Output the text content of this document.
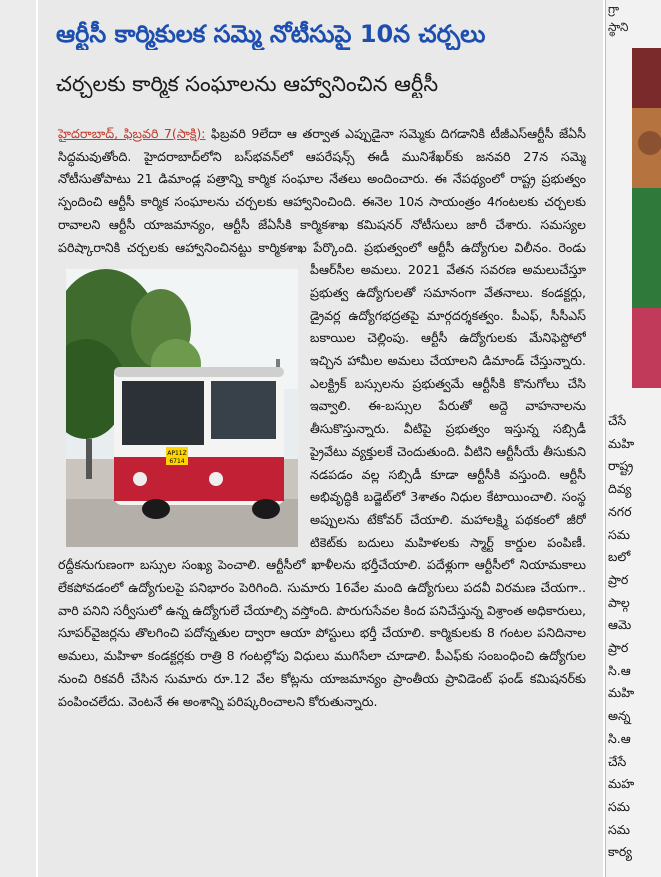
ఆర్టీసీ కార్మికులక సమ్మె నోటీసుపై 10న చర్చలు
చర్చలకు కార్మిక సంఘాలను ఆహ్వానించిన ఆర్టీసీ

హైదరాబాద్, ఫిబ్రవరి 7(సాక్షి): ఫిబ్రవరి 9లేదా ఆ తర్వాత ఎప్పుడైనా సమ్మెకు దిగడానికి టీజీఎస్ఆర్టీసీ జేఏసీ సిద్ధమవుతోంది. హైదరాబాద్‌లోని బస్‌భవన్‌లో ఆపరేషన్స్ ఈడీ మునిశేఖర్‌కు జనవరి 27న సమ్మె నోటీసుతోపాటు 21 డిమాండ్ల పత్రాన్ని కార్మిక సంఘాల నేతలు అందించారు. ఈ నేపథ్యంలో రాష్ట్ర ప్రభుత్వం స్పందించి ఆర్టీసీ కార్మిక సంఘాలను చర్చలకు ఆహ్వానించింది. ఈనెల 10న సాయంత్రం 4గంటలకు చర్చలకు రావాలని ఆర్టీసీ యాజమాన్యం, ఆర్టీసీ జేఏసీకి కార్మికశాఖ కమిషనర్ నోటీసులు జారీ చేశారు. సమస్యల పరిష్కారానికి చర్చలకు ఆహ్వానించినట్టు కార్మికశాఖ పేర్కొంది.
AP11Z
6714
ప్రభుత్వంలో ఆర్టీసీ ఉద్యోగుల విలీనం. రెండు పీఆర్‌సీల అమలు. 2021 వేతన సవరణ అమలుచేస్తూ ప్రభుత్వ ఉద్యోగులతో సమానంగా వేతనాలు. కండక్టర్లు, డ్రైవర్ల ఉద్యోగభద్రతపై మార్గదర్శకత్వం. పీఎఫ్, సీసీఎస్ బకాయిల చెల్లింపు. ఆర్టీసీ ఉద్యోగులకు మేనిఫెస్టోలో ఇచ్చిన హామీల అమలు చేయాలని డిమాండ్ చేస్తున్నారు. ఎలక్ట్రిక్ బస్సులను ప్రభుత్వమే ఆర్టీసీకి కొనుగోలు చేసి ఇవ్వాలి. ఈ-బస్సుల పేరుతో అద్దె వాహనాలను తీసుకొస్తున్నారు. వీటిపై ప్రభుత్వం ఇస్తున్న సబ్సిడీ ప్రైవేటు వ్యక్తులకే చెందుతుంది. వీటిని ఆర్టీసీయే తీసుకుని నడపడం వల్ల సబ్సిడీ కూడా ఆర్టీసీకి వస్తుంది. ఆర్టీసీ అభివృద్ధికి బడ్జెట్‌లో 3శాతం నిధుల కేటాయించాలి. సంస్థ అప్పులను టేకోవర్ చేయాలి. మహాలక్ష్మి పథకంలో జీరో టికెట్‌కు బదులు మహిళలకు స్మార్ట్ కార్డుల పంపిణీ. రద్దీకనుగుణంగా బస్సుల సంఖ్య పెంచాలి. ఆర్టీసీలో ఖాళీలను భర్తీచేయాలి. పదేళ్లుగా ఆర్టీసీలో నియామకాలు లేకపోవడంలో ఉద్యోగులపై పనిభారం పెరిగింది. సుమారు 16వేల మంది ఉద్యోగులు పదవీ విరమణ చేయగా.. వారి పనిని సర్వీసులో ఉన్న ఉద్యోగులే చేయాల్సి వస్తోంది. పొరుగుసేవల కింద పనిచేస్తున్న విశ్రాంత అధికారులు, సూపర్‌వైజర్లను తొలగించి పదోన్నతుల ద్వారా ఆయా పోస్టులు భర్తీ చేయాలి. కార్మికులకు 8 గంటల పనిదినాల అమలు, మహిళా కండక్టర్లకు రాత్రి 8 గంటల్లోపు విధులు ముగిసేలా చూడాలి. పీఎఫ్‌కు సంబంధించి ఉద్యోగుల నుంచి రికవరీ చేసిన సుమారు రూ.12 వేల కోట్లను యాజమాన్యం ప్రాంతీయ ప్రావిడెంట్ ఫండ్ కమిషనర్‌కు పంపించలేదు. వెంటనే ఈ అంశాన్ని పరిష్కరించాలని కోరుతున్నారు.

గ్రా
స్థాని
చేసే
మహి
రాష్ట్ర
దివ్య
నగర
సమ
బలో
ప్రార
పాల్గ
ఆమె
ప్రార
సి.ఆ
మహి
అన్న
సి.ఆ
చేసే
మహ
సమ
సమ
కార్య
